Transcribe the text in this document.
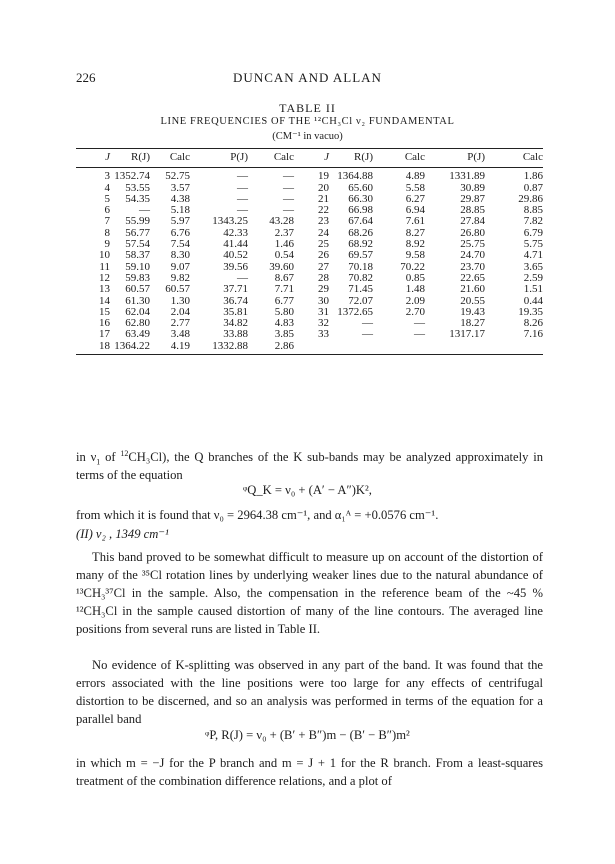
226	DUNCAN AND ALLAN
TABLE II
LINE FREQUENCIES OF THE ¹²CH₃Cl ν₂ FUNDAMENTAL
(CM⁻¹ in vacuo)
J	R(J)	Calc	P(J)	Calc	J	R(J)	Calc	P(J)	Calc
3	1352.74	52.75	—	—	19	1364.88	4.89	1331.89	1.86
4	53.55	3.57	—	—	20	65.60	5.58	30.89	0.87
5	54.35	4.38	—	—	21	66.30	6.27	29.87	29.86
6	—	5.18	—	—	22	66.98	6.94	28.85	8.85
7	55.99	5.97	1343.25	43.28	23	67.64	7.61	27.84	7.82
8	56.77	6.76	42.33	2.37	24	68.26	8.27	26.80	6.79
9	57.54	7.54	41.44	1.46	25	68.92	8.92	25.75	5.75
10	58.37	8.30	40.52	0.54	26	69.57	9.58	24.70	4.71
11	59.10	9.07	39.56	39.60	27	70.18	70.22	23.70	3.65
12	59.83	9.82	—	8.67	28	70.82	0.85	22.65	2.59
13	60.57	60.57	37.71	7.71	29	71.45	1.48	21.60	1.51
14	61.30	1.30	36.74	6.77	30	72.07	2.09	20.55	0.44
15	62.04	2.04	35.81	5.80	31	1372.65	2.70	19.43	19.35
16	62.80	2.77	34.82	4.83	32	—	—	18.27	8.26
17	63.49	3.48	33.88	3.85	33	—	—	1317.17	7.16
18	1364.22	4.19	1332.88	2.86					
in $\nu_1$ of $^{12}$CH₃Cl), the Q branches of the K sub-bands may be analyzed approximately in terms of the equation
ᵠQ_K = ν₀ + (A′ − A″)K²,
from which it is found that ν₀ = 2964.38 cm⁻¹, and α₁ᴬ = +0.0576 cm⁻¹.
(II) ν₂ , 1349 cm⁻¹
This band proved to be somewhat difficult to measure up on account of the distortion of many of the ³⁵Cl rotation lines by underlying weaker lines due to the natural abundance of ¹³CH₃³⁷Cl in the sample. Also, the compensation in the reference beam of the ~45 % ¹²CH₃Cl in the sample caused distortion of many of the line contours. The averaged line positions from several runs are listed in Table II.
No evidence of K-splitting was observed in any part of the band. It was found that the errors associated with the line positions were too large for any effects of centrifugal distortion to be discerned, and so an analysis was performed in terms of the equation for a parallel band
ᵠP, R(J) = ν₀ + (B′ + B″)m − (B′ − B″)m²
in which m = −J for the P branch and m = J + 1 for the R branch. From a least-squares treatment of the combination difference relations, and a plot of
